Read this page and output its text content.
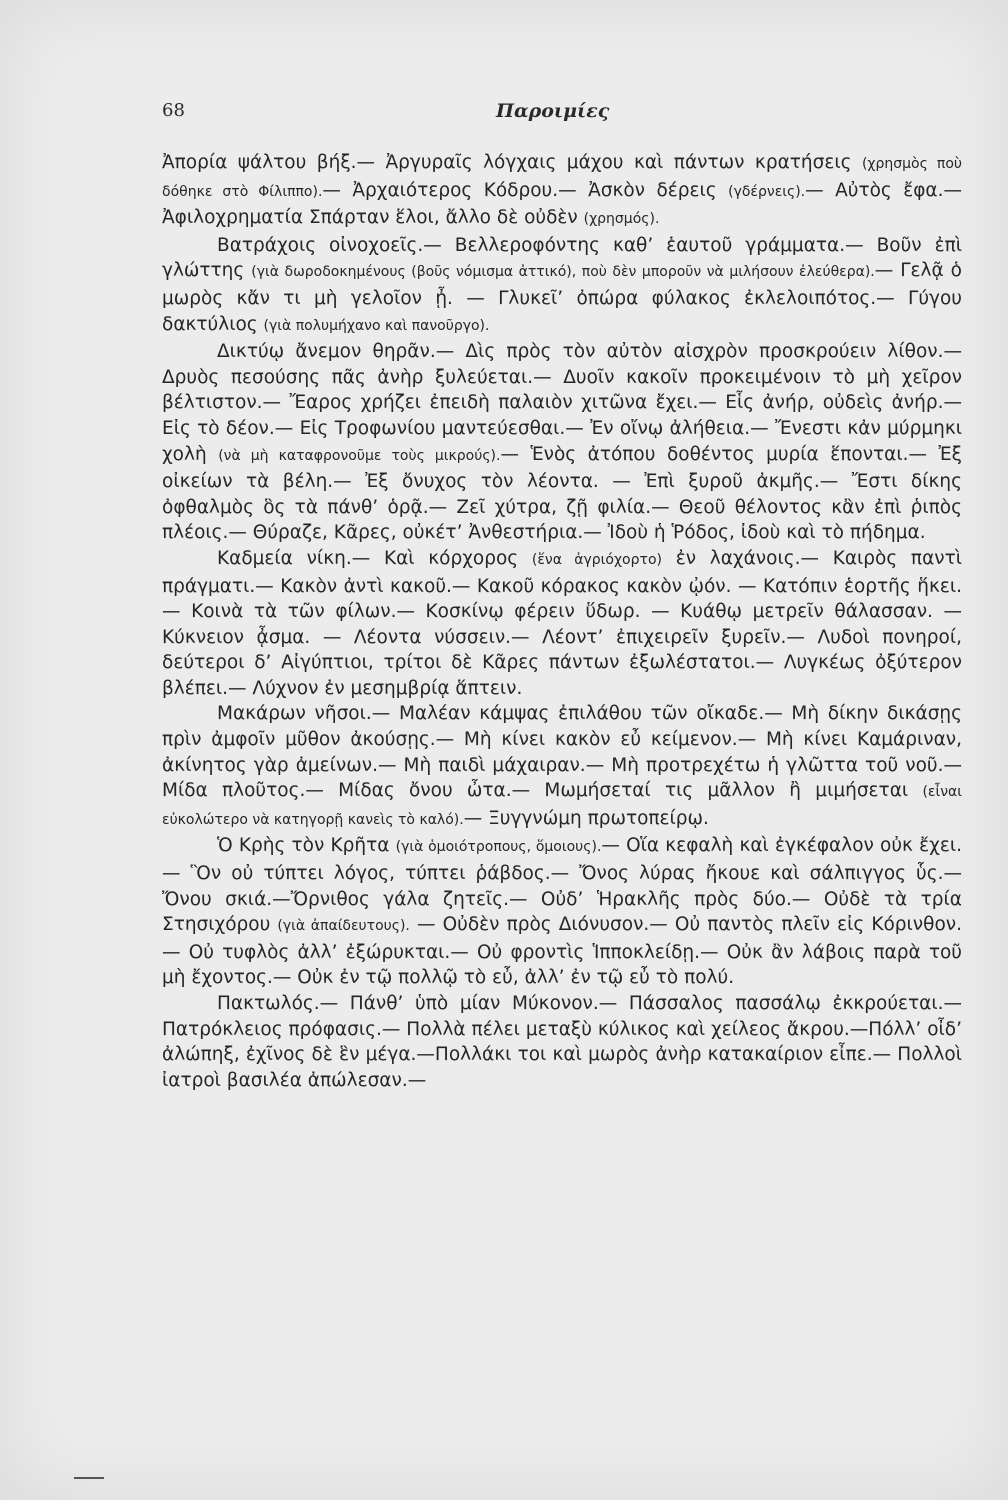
68	Παροιμίες

Ἀπορία ψάλτου βήξ.— Ἀργυραῖς λόγχαις μάχου καὶ πάντων κρατήσεις (χρησμὸς ποὺ δόθηκε στὸ Φίλιππο).— Ἀρχαιότερος Κόδρου.— Ἀσκὸν δέρεις (γδέρνεις).— Αὐτὸς ἔφα.— Ἀφιλοχρηματία Σπάρταν ἕλοι, ἄλλο δὲ οὐδὲν (χρησμός).

Βατράχοις οἰνοχοεῖς.— Βελλεροφόντης καθ’ ἑαυτοῦ γράμματα.— Βοῦν ἐπὶ γλώττης (γιὰ δωροδοκημένους (βοῦς νόμισμα ἀττικό), ποὺ δὲν μποροῦν νὰ μιλήσουν ἐλεύθερα).— Γελᾷ ὁ μωρὸς κἄν τι μὴ γελοῖον ᾖ. — Γλυκεῖ’ ὀπώρα φύλακος ἐκλελοιπότος.— Γύγου δακτύλιος (γιὰ πολυμήχανο καὶ πανοῦργο).

Δικτύῳ ἄνεμον θηρᾶν.— Δὶς πρὸς τὸν αὐτὸν αἰσχρὸν προσκρούειν λίθον.— Δρυὸς πεσούσης πᾶς ἀνὴρ ξυλεύεται.— Δυοῖν κακοῖν προκειμένοιν τὸ μὴ χεῖρον βέλτιστον.— Ἔαρος χρήζει ἐπειδὴ παλαιὸν χιτῶνα ἔχει.— Εἷς ἀνήρ, οὐδεὶς ἀνήρ.— Εἰς τὸ δέον.— Εἰς Τροφωνίου μαντεύεσθαι.— Ἐν οἴνῳ ἀλήθεια.— Ἔνεστι κἀν μύρμηκι χολὴ (νὰ μὴ καταφρονοῦμε τοὺς μικρούς).— Ἑνὸς ἀτόπου δοθέντος μυρία ἕπονται.— Ἐξ οἰκείων τὰ βέλη.— Ἐξ ὄνυχος τὸν λέοντα. — Ἐπὶ ξυροῦ ἀκμῆς.— Ἔστι δίκης ὀφθαλμὸς ὃς τὰ πάνθ’ ὁρᾷ.— Ζεῖ χύτρα, ζῇ φιλία.— Θεοῦ θέλοντος κἂν ἐπὶ ῥιπὸς πλέοις.— Θύραζε, Κᾶρες, οὐκέτ’ Ἀνθεστήρια.— Ἰδοὺ ἡ Ῥόδος, ἰδοὺ καὶ τὸ πήδημα.

Καδμεία νίκη.— Καὶ κόρχορος (ἕνα ἀγριόχορτο) ἐν λαχάνοις.— Καιρὸς παντὶ πράγματι.— Κακὸν ἀντὶ κακοῦ.— Κακοῦ κόρακος κακὸν ᾠόν. — Κατόπιν ἑορτῆς ἥκει.— Κοινὰ τὰ τῶν φίλων.— Κοσκίνῳ φέρειν ὕδωρ. — Κυάθῳ μετρεῖν θάλασσαν. — Κύκνειον ᾆσμα. — Λέοντα νύσσειν.— Λέοντ’ ἐπιχειρεῖν ξυρεῖν.— Λυδοὶ πονηροί, δεύτεροι δ’ Αἰγύπτιοι, τρίτοι δὲ Κᾶρες πάντων ἐξωλέστατοι.— Λυγκέως ὀξύτερον βλέπει.— Λύχνον ἐν μεσημβρίᾳ ἅπτειν.

Μακάρων νῆσοι.— Μαλέαν κάμψας ἐπιλάθου τῶν οἴκαδε.— Μὴ δίκην δικάσῃς πρὶν ἀμφοῖν μῦθον ἀκούσῃς.— Μὴ κίνει κακὸν εὖ κείμενον.— Μὴ κίνει Καμάριναν, ἀκίνητος γὰρ ἀμείνων.— Μὴ παιδὶ μάχαιραν.— Μὴ προτρεχέτω ἡ γλῶττα τοῦ νοῦ.— Μίδα πλοῦτος.— Μίδας ὄνου ὦτα.— Μωμήσεταί τις μᾶλλον ἢ μιμήσεται (εἶναι εὐκολώτερο νὰ κατηγορῇ κανεὶς τὸ καλό).— Ξυγγνώμη πρωτοπείρῳ.

Ὁ Κρὴς τὸν Κρῆτα (γιὰ ὁμοιότροπους, ὅμοιους).— Οἵα κεφαλὴ καὶ ἐγκέφαλον οὐκ ἔχει.— Ὃν οὐ τύπτει λόγος, τύπτει ῥάβδος.— Ὄνος λύρας ἤκουε καὶ σάλπιγγος ὗς.— Ὄνου σκιά.—Ὄρνιθος γάλα ζητεῖς.— Οὐδ’ Ἡρακλῆς πρὸς δύο.— Οὐδὲ τὰ τρία Στησιχόρου (γιὰ ἀπαίδευτους). — Οὐδὲν πρὸς Διόνυσον.— Οὐ παντὸς πλεῖν εἰς Κόρινθον.— Οὐ τυφλὸς ἀλλ’ ἐξώρυκται.— Οὐ φροντὶς Ἱπποκλείδῃ.— Οὐκ ἂν λάβοις παρὰ τοῦ μὴ ἔχοντος.— Οὐκ ἐν τῷ πολλῷ τὸ εὖ, ἀλλ’ ἐν τῷ εὖ τὸ πολύ.

Πακτωλός.— Πάνθ’ ὑπὸ μίαν Μύκονον.— Πάσσαλος πασσάλῳ ἐκκρούεται.— Πατρόκλειος πρόφασις.— Πολλὰ πέλει μεταξὺ κύλικος καὶ χείλεος ἄκρου.—Πόλλ’ οἶδ’ ἀλώπηξ, ἐχῖνος δὲ ἓν μέγα.—Πολλάκι τοι καὶ μωρὸς ἀνὴρ κατακαίριον εἶπε.— Πολλοὶ ἰατροὶ βασιλέα ἀπώλεσαν.—
